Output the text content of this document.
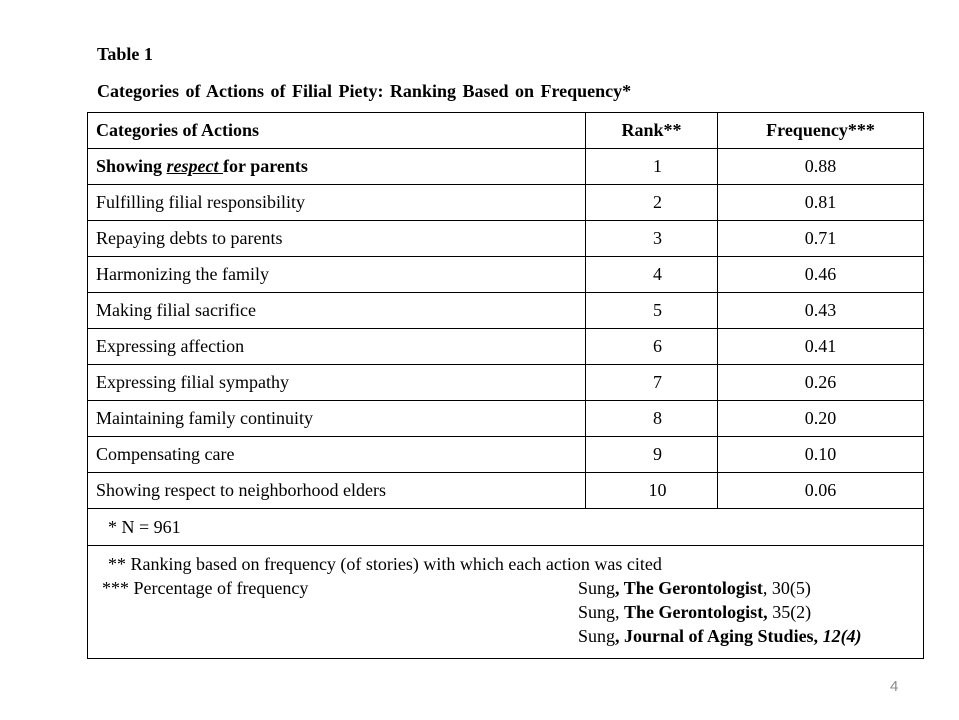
Table 1
Categories of Actions of Filial Piety: Ranking Based on Frequency*
Categories of Actions	Rank**	Frequency***
Showing respect for parents	1	0.88
Fulfilling filial responsibility	2	0.81
Repaying debts to parents	3	0.71
Harmonizing the family	4	0.46
Making filial sacrifice	5	0.43
Expressing affection	6	0.41
Expressing filial sympathy	7	0.26
Maintaining family continuity	8	0.20
Compensating care	9	0.10
Showing respect to neighborhood elders	10	0.06
* N = 961		

** Ranking based on frequency (of stories) with which each action was cited
*** Percentage of frequency Sung, The Gerontologist, 30(5)
Sung, The Gerontologist, 35(2)
Sung, Journal of Aging Studies, 12(4)		
4
